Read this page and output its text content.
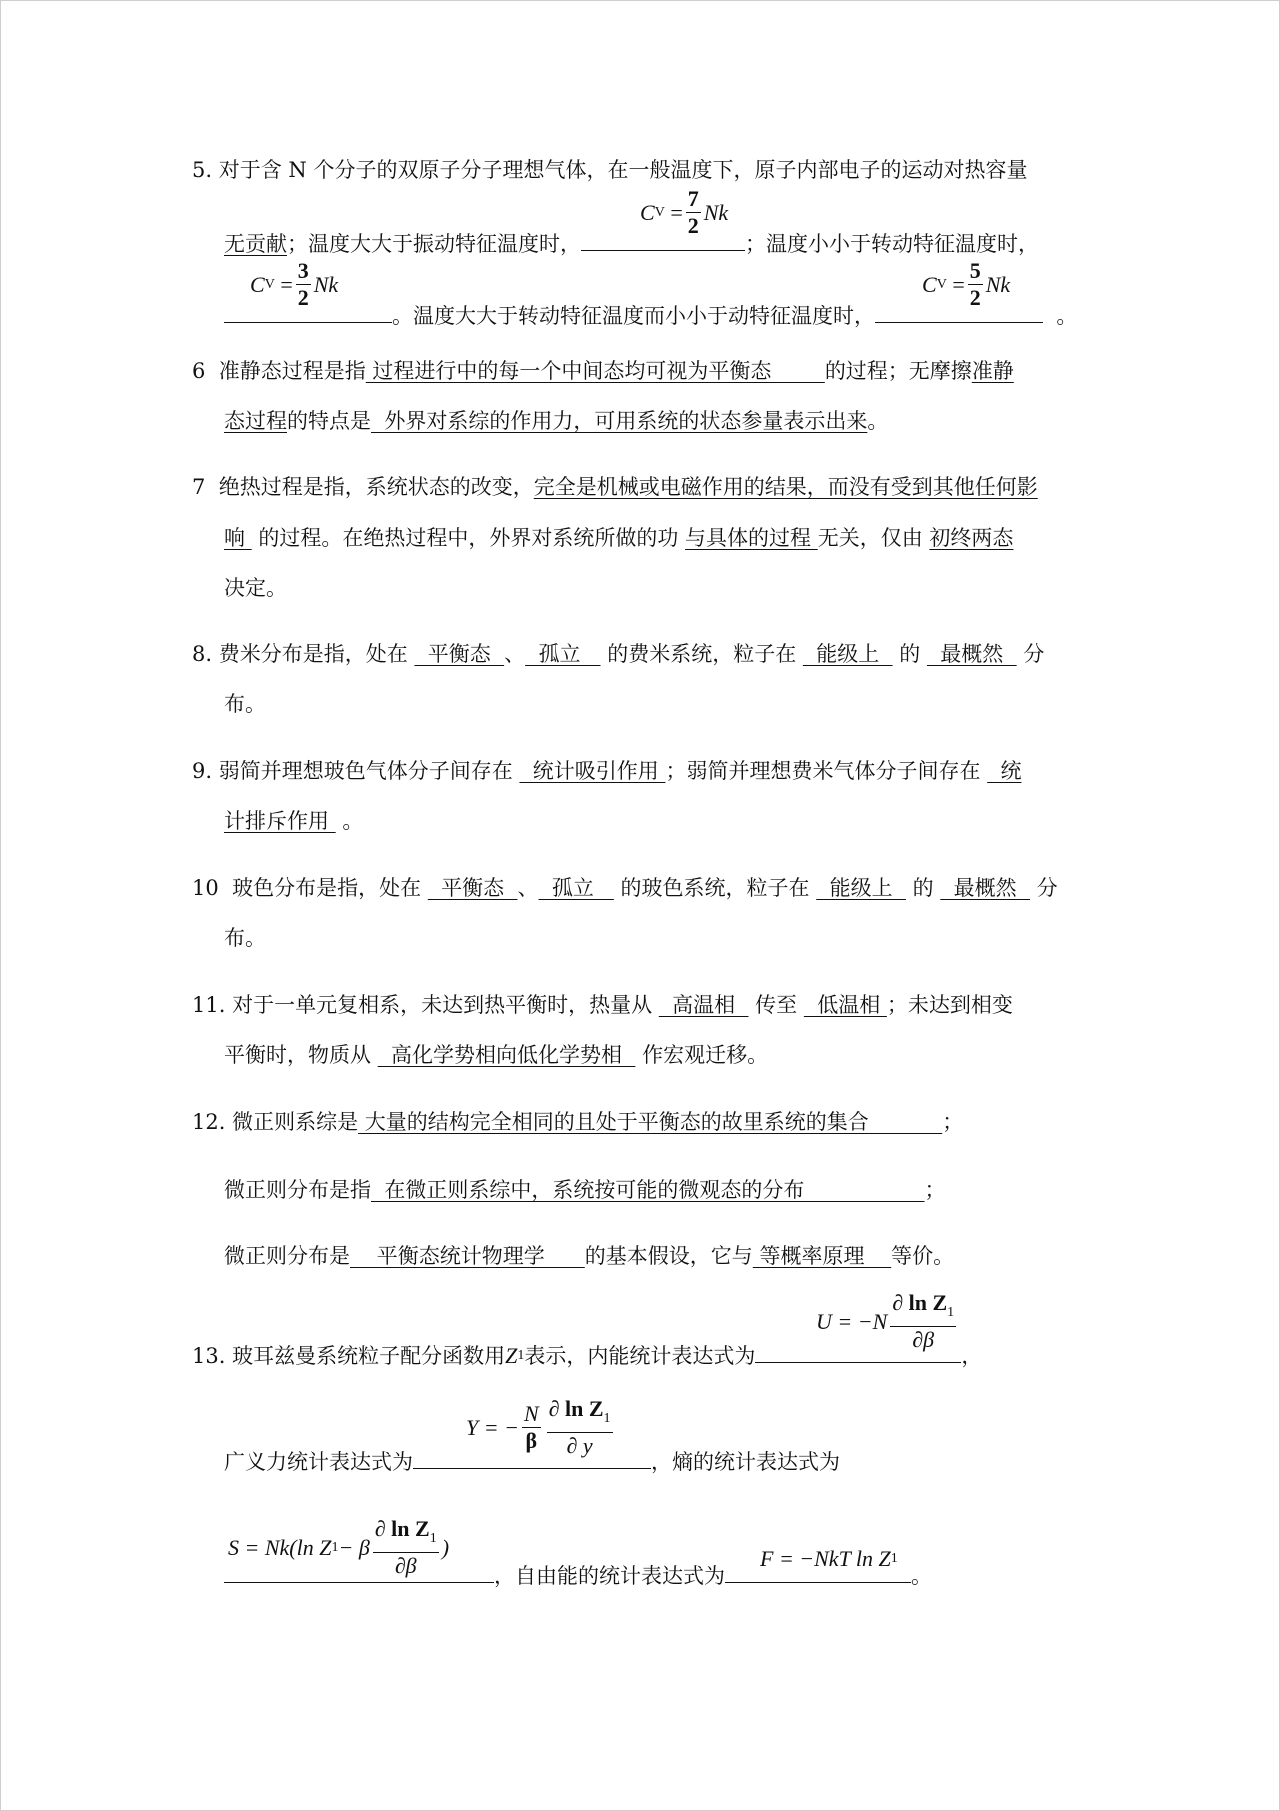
5. 对于含 N 个分子的双原子分子理想气体，在一般温度下，原子内部电子的运动对热容量
C V
= $\frac{7}{2}$ Nk
无贡献；温度大大于振动特征温度时，	；温度小小于转动特征温度时，
C V
= $\frac{3}{2}$ Nk	C V
= $\frac{5}{2}$ Nk
。温度大大于转动特征温度而小小于动特征温度时，	。
6 准静态过程是指 过程进行中的每一个中间态均可视为平衡态        的过程；无摩擦准静
态过程的特点是  外界对系综的作用力，可用系统的状态参量表示出来。
7 绝热过程是指，系统状态的改变，完全是机械或电磁作用的结果，而没有受到其他任何影
响  的过程。在绝热过程中，外界对系统所做的功 与具体的过程 无关，仅由 初终两态
决定。
8. 费米分布是指，处在   平衡态  、  孤立    的费米系统，粒子在   能级上   的   最概然   分
布。
9. 弱简并理想玻色气体分子间存在   统计吸引作用 ；弱简并理想费米气体分子间存在   统
计排斥作用  。
10 玻色分布是指，处在   平衡态  、  孤立    的玻色系统，粒子在   能级上   的   最概然   分
布。
11. 对于一单元复相系，未达到热平衡时，热量从   高温相   传至   低温相 ；未达到相变
平衡时，物质从   高化学势相向低化学势相   作宏观迁移。
12. 微正则系综是 大量的结构完全相同的且处于平衡态的故里系统的集合           ；
微正则分布是指  在微正则系综中，系统按可能的微观态的分布                  ；
微正则分布是    平衡态统计物理学      的基本假设，它与 等概率原理    等价。
$U = -N \frac{\partial \ln Z_1}{\partial\beta}$
13. 玻耳兹曼系统粒子配分函数用 Z 1 表示，内能统计表达式为	，
Y = − $\frac{N}{\beta} \frac{\partial \ln Z_1}{\partial y}$
广义力统计表达式为	，熵的统计表达式为
S = Nk(ln Z 1 − β $\frac{\partial \ln Z_1}{\partial\beta}$ )	F = −NkT ln Z 1
，自由能的统计表达式为	。
